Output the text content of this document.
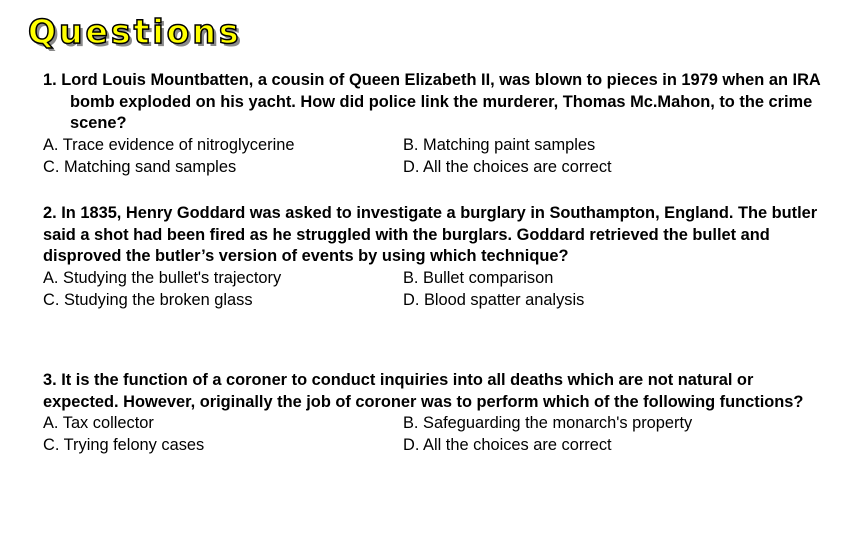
Questions
1. Lord Louis Mountbatten, a cousin of Queen Elizabeth II, was blown to pieces in 1979 when an IRA bomb exploded on his yacht. How did police link the murderer, Thomas Mc.Mahon, to the crime scene?
A. Trace evidence of nitroglycerine	B. Matching paint samples
C. Matching sand samples	D. All the choices are correct
2. In 1835, Henry Goddard was asked to investigate a burglary in Southampton, England. The butler said a shot had been fired as he struggled with the burglars. Goddard retrieved the bullet and disproved the butler’s version of events by using which technique?
A. Studying the bullet's trajectory	B. Bullet comparison
C. Studying the broken glass	D. Blood spatter analysis
3. It is the function of a coroner to conduct inquiries into all deaths which are not natural or expected. However, originally the job of coroner was to perform which of the following functions?
A. Tax collector	B. Safeguarding the monarch's property
C. Trying felony cases	D. All the choices are correct
